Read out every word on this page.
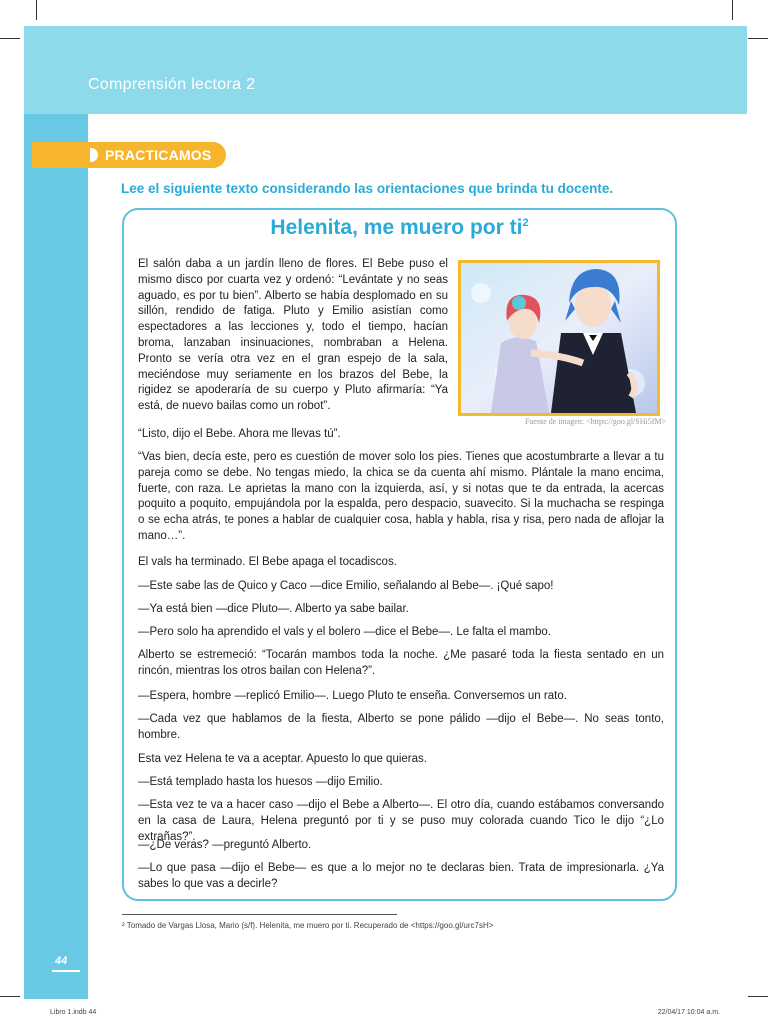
Comprensión lectora 2
44
PRACTICAMOS
Lee el siguiente texto considerando las orientaciones que brinda tu docente.
Helenita, me muero por $ti^2$
Fuente de imagen: <https://goo.gl/SHi5fM>

El salón daba a un jardín lleno de flores. El Bebe puso el mismo disco por cuarta vez y ordenó: “Levántate y no seas aguado, es por tu bien”. Alberto se había desplomado en su sillón, rendido de fatiga. Pluto y Emilio asistían como espectadores a las lecciones y, todo el tiempo, hacían broma, lanzaban insinuaciones, nombraban a Helena. Pronto se vería otra vez en el gran espejo de la sala, meciéndose muy seriamente en los brazos del Bebe, la rigidez se apoderaría de su cuerpo y Pluto afirmaría: “Ya está, de nuevo bailas como un robot”.

“Listo, dijo el Bebe. Ahora me llevas tú”.

“Vas bien, decía este, pero es cuestión de mover solo los pies. Tienes que acostumbrarte a llevar a tu pareja como se debe. No tengas miedo, la chica se da cuenta ahí mismo. Plántale la mano encima, fuerte, con raza. Le aprietas la mano con la izquierda, así, y si notas que te da entrada, la acercas poquito a poquito, empujándola por la espalda, pero despacio, suavecito. Si la muchacha se respinga o se echa atrás, te pones a hablar de cualquier cosa, habla y habla, risa y risa, pero nada de aflojar la mano…”.

El vals ha terminado. El Bebe apaga el tocadiscos.

—Este sabe las de Quico y Caco —dice Emilio, señalando al Bebe—. ¡Qué sapo!

—Ya está bien —dice Pluto—. Alberto ya sabe bailar.

—Pero solo ha aprendido el vals y el bolero —dice el Bebe—. Le falta el mambo.

Alberto se estremeció: “Tocarán mambos toda la noche. ¿Me pasaré toda la fiesta sentado en un rincón, mientras los otros bailan con Helena?”.

—Espera, hombre —replicó Emilio—. Luego Pluto te enseña. Conversemos un rato.

—Cada vez que hablamos de la fiesta, Alberto se pone pálido —dijo el Bebe—. No seas tonto, hombre.

Esta vez Helena te va a aceptar. Apuesto lo que quieras.

—Está templado hasta los huesos —dijo Emilio.

—Esta vez te va a hacer caso —dijo el Bebe a Alberto—. El otro día, cuando estábamos conversando en la casa de Laura, Helena preguntó por ti y se puso muy colorada cuando Tico le dijo “¿Lo extrañas?”.

—¿De veras? —preguntó Alberto.

—Lo que pasa —dijo el Bebe— es que a lo mejor no te declaras bien. Trata de impresionarla. ¿Ya sabes lo que vas a decirle?

² Tomado de Vargas Llosa, Mario (s/f). Helenita, me muero por ti. Recuperado de <https://goo.gl/urc7sH>
Libro 1.indb 44	22/04/17 10:04 a.m.
